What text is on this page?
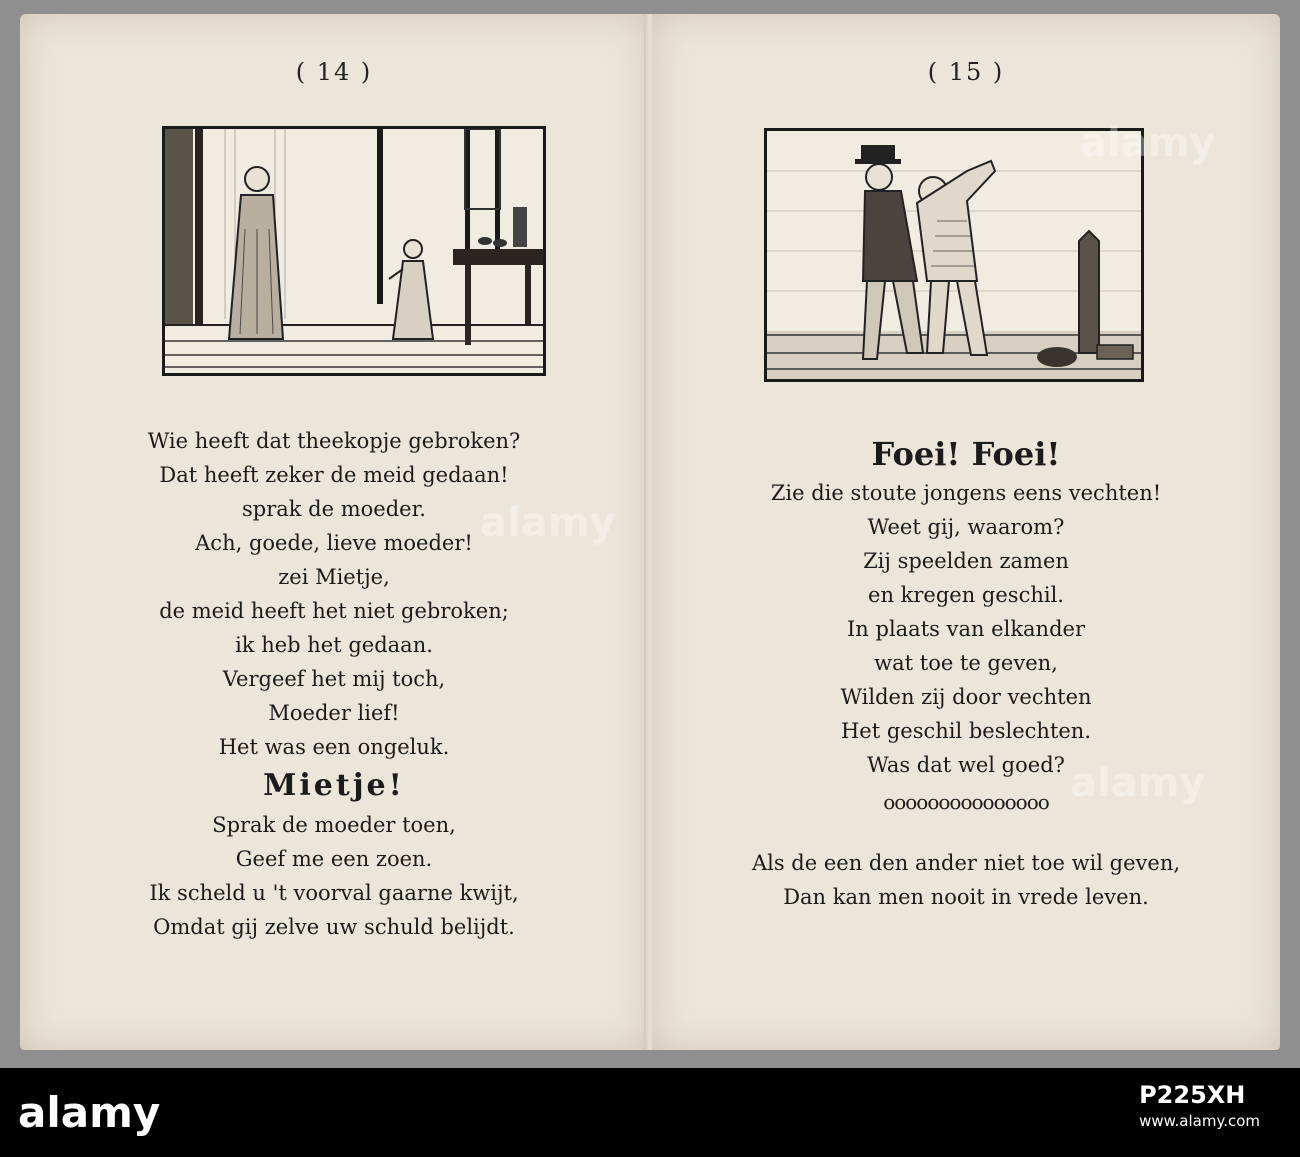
( 14 )
Wie heeft dat theekopje gebroken?
Dat heeft zeker de meid gedaan!
sprak de moeder.
Ach, goede, lieve moeder!
zei Mietje,
de meid heeft het niet gebroken;
ik heb het gedaan.
Vergeef het mij toch,
Moeder lief!
Het was een ongeluk.
Mietje!
Sprak de moeder toen,
Geef me een zoen.
Ik scheld u 't voorval gaarne kwijt,
Omdat gij zelve uw schuld belijdt.
( 15 )
Foei! Foei!
Zie die stoute jongens eens vechten!
Weet gij, waarom?
Zij speelden zamen
en kregen geschil.
In plaats van elkander
wat toe te geven,
Wilden zij door vechten
Het geschil beslechten.
Was dat wel goed?
ᴏᴏᴏᴏᴏᴏᴏᴏᴏᴏᴏᴏᴏᴏᴏ
Als de een den ander niet toe wil geven,
Dan kan men nooit in vrede leven.
alamy
alamy
alamy
alamy	P225XH
www.alamy.com
